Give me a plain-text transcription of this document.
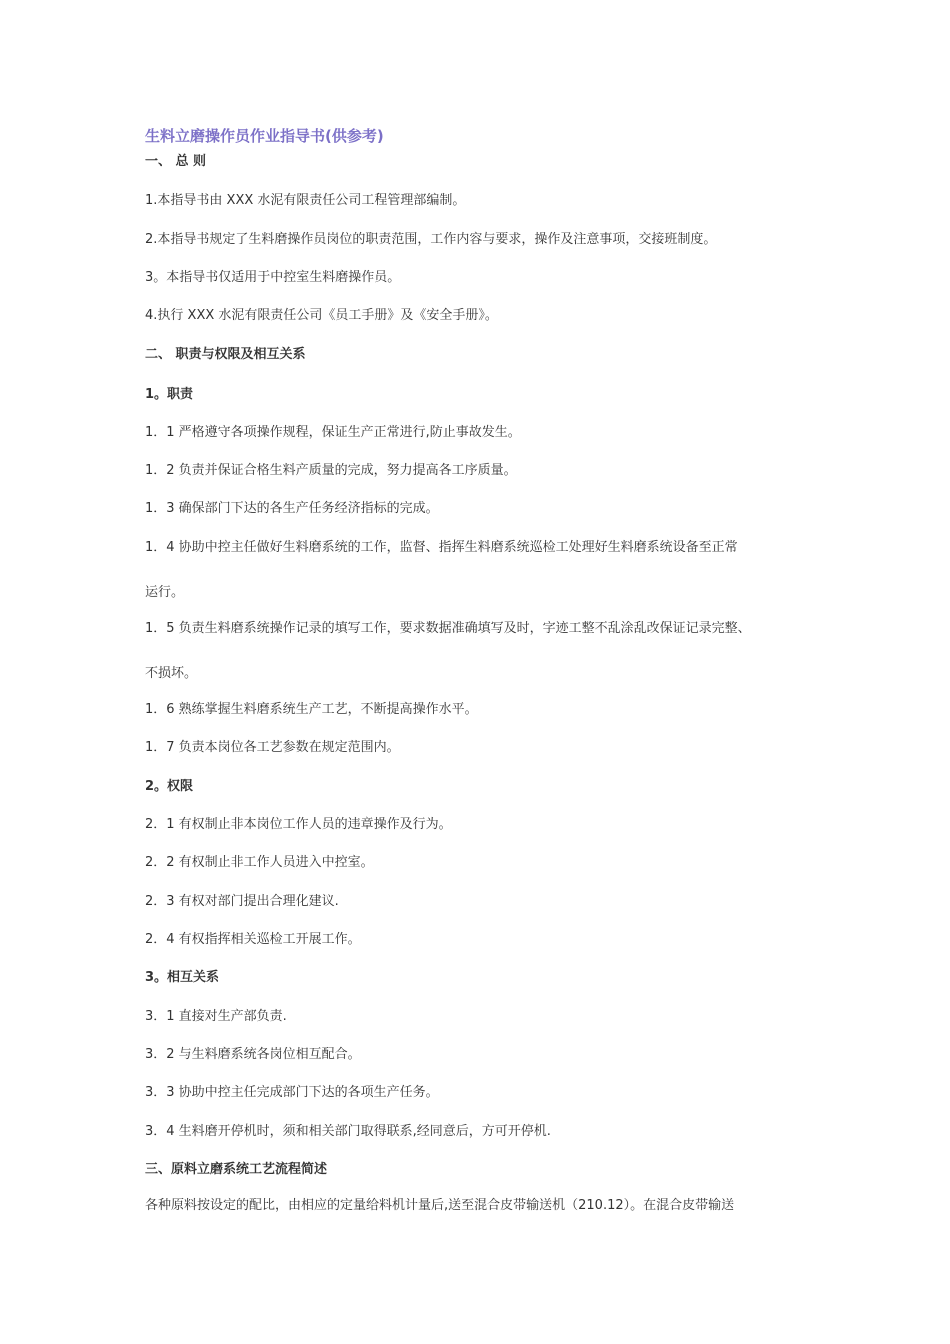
生料立磨操作员作业指导书(供参考)
一、 总 则
1.本指导书由 XXX 水泥有限责任公司工程管理部编制。
2.本指导书规定了生料磨操作员岗位的职责范围，工作内容与要求，操作及注意事项，交接班制度。
3。本指导书仅适用于中控室生料磨操作员。
4.执行 XXX 水泥有限责任公司《员工手册》及《安全手册》。
二、 职责与权限及相互关系
1。职责
1．1 严格遵守各项操作规程，保证生产正常进行,防止事故发生。
1．2 负责并保证合格生料产质量的完成，努力提高各工序质量。
1．3 确保部门下达的各生产任务经济指标的完成。
1．4 协助中控主任做好生料磨系统的工作，监督、指挥生料磨系统巡检工处理好生料磨系统设备至正常
运行。
1．5 负责生料磨系统操作记录的填写工作，要求数据准确填写及时，字迹工整不乱涂乱改保证记录完整、
不损坏。
1．6 熟练掌握生料磨系统生产工艺，不断提高操作水平。
1．7 负责本岗位各工艺参数在规定范围内。
2。权限
2．1 有权制止非本岗位工作人员的违章操作及行为。
2．2 有权制止非工作人员进入中控室。
2．3 有权对部门提出合理化建议.
2．4 有权指挥相关巡检工开展工作。
3。相互关系
3．1 直接对生产部负责.
3．2 与生料磨系统各岗位相互配合。
3．3 协助中控主任完成部门下达的各项生产任务。
3．4 生料磨开停机时，须和相关部门取得联系,经同意后，方可开停机.
三、原料立磨系统工艺流程简述
各种原料按设定的配比，由相应的定量给料机计量后,送至混合皮带输送机（210.12）。在混合皮带输送
